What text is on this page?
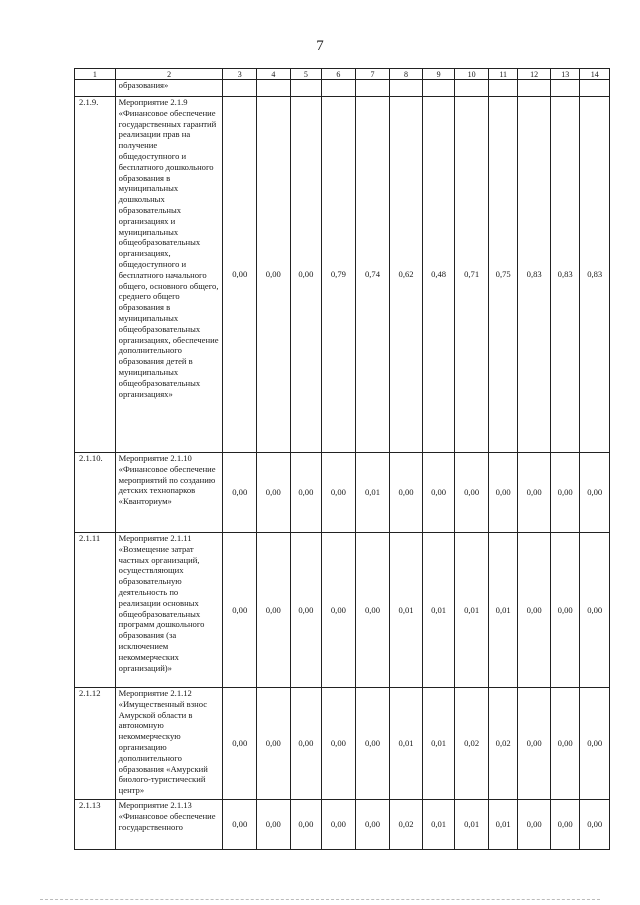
7
1	2	3	4	5	6	7	8	9	10	11	12	13	14
	образования»												
2.1.9.	Мероприятие 2.1.9 «Финансовое обеспечение государственных гарантий реализации прав на получение общедоступного и бесплатного дошкольного образования в муниципальных дошкольных образовательных организациях и муниципальных общеобразовательных организациях, общедоступного и бесплатного начального общего, основного общего, среднего общего образования в муниципальных общеобразовательных организациях, обеспечение дополнительного образования детей в муниципальных общеобразовательных организациях»	0,00	0,00	0,00	0,79	0,74	0,62	0,48	0,71	0,75	0,83	0,83	0,83
2.1.10.	Мероприятие 2.1.10 «Финансовое обеспечение мероприятий по созданию детских технопарков «Кванториум»	0,00	0,00	0,00	0,00	0,01	0,00	0,00	0,00	0,00	0,00	0,00	0,00
2.1.11	Мероприятие 2.1.11 «Возмещение затрат частных организаций, осуществляющих образовательную деятельность по реализации основных общеобразовательных программ дошкольного образования (за исключением некоммерческих организаций)»	0,00	0,00	0,00	0,00	0,00	0,01	0,01	0,01	0,01	0,00	0,00	0,00
2.1.12	Мероприятие 2.1.12 «Имущественный взнос Амурской области в автономную некоммерческую организацию дополнительного образования «Амурский биолого-туристический центр»	0,00	0,00	0,00	0,00	0,00	0,01	0,01	0,02	0,02	0,00	0,00	0,00
2.1.13	Мероприятие 2.1.13 «Финансовое обеспечение государственного	0,00	0,00	0,00	0,00	0,00	0,02	0,01	0,01	0,01	0,00	0,00	0,00
